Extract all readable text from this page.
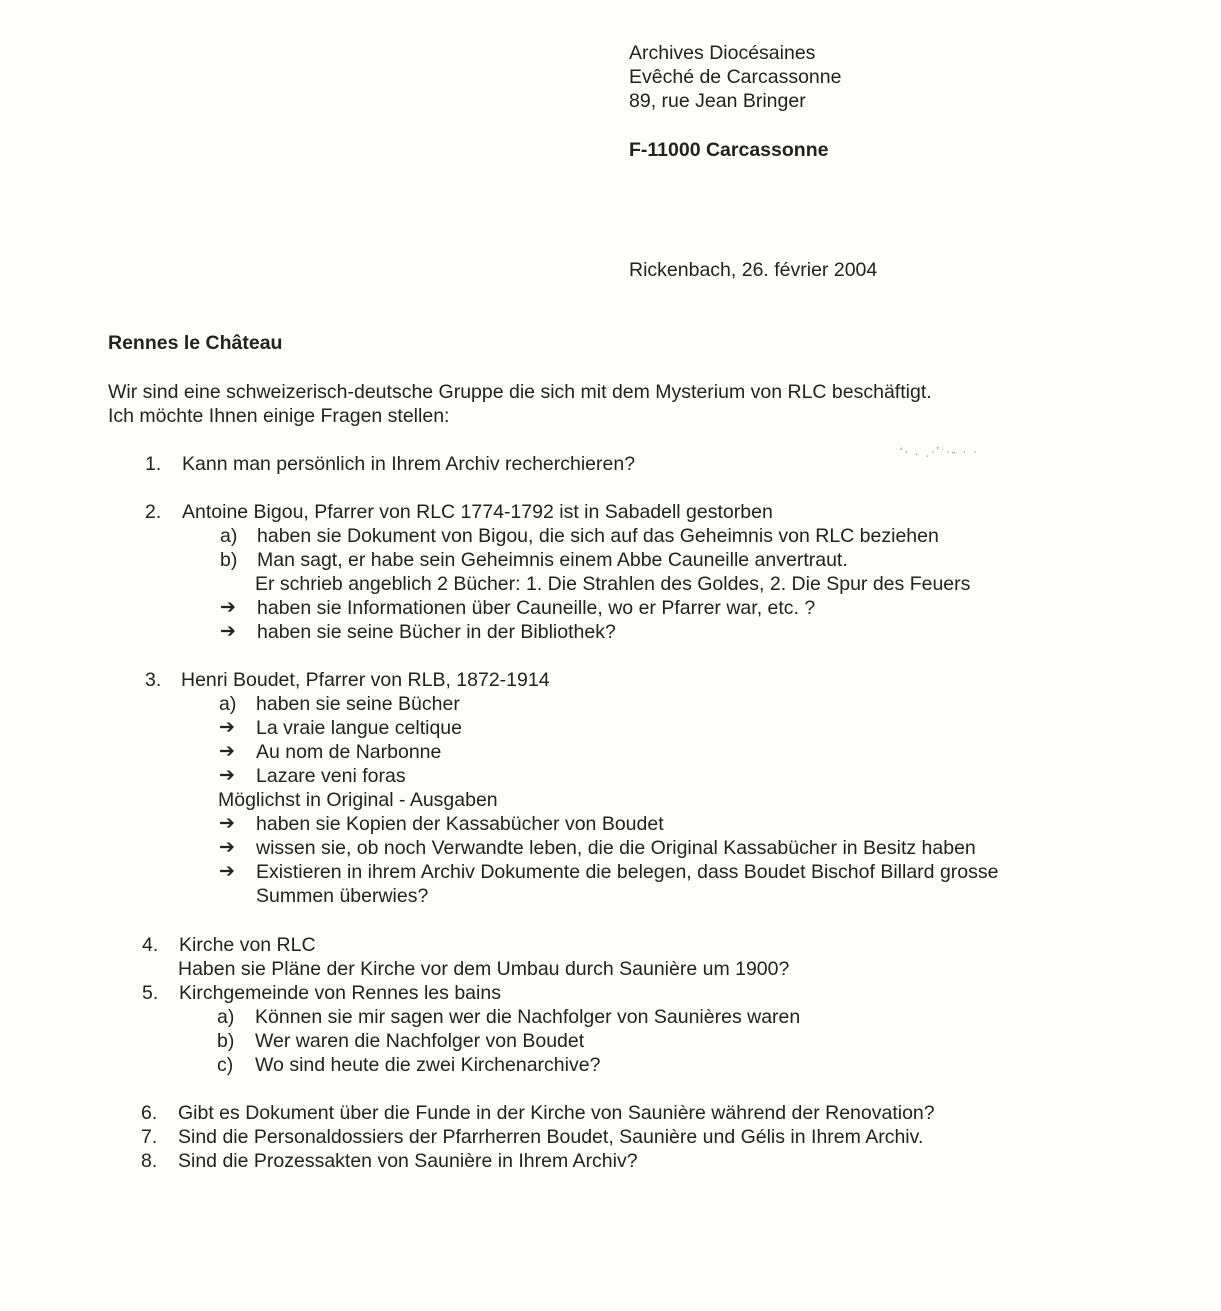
Archives Diocésaines
Evêché de Carcassonne
89, rue Jean Bringer
F-11000 Carcassonne
Rickenbach, 26. février 2004
Rennes le Château
Wir sind eine schweizerisch-deutsche Gruppe die sich mit dem Mysterium von RLC beschäftigt.
Ich möchte Ihnen einige Fragen stellen:
‘· . ˏ·ʼˑ·˵ · ·
1. Kann man persönlich in Ihrem Archiv recherchieren?
2. Antoine Bigou, Pfarrer von RLC 1774-1792 ist in Sabadell gestorben
a) haben sie Dokument von Bigou, die sich auf das Geheimnis von RLC beziehen
b) Man sagt, er habe sein Geheimnis einem Abbe Cauneille anvertraut.
Er schrieb angeblich 2 Bücher: 1. Die Strahlen des Goldes, 2. Die Spur des Feuers
➔ haben sie Informationen über Cauneille, wo er Pfarrer war, etc. ?
➔ haben sie seine Bücher in der Bibliothek?
3. Henri Boudet, Pfarrer von RLB, 1872-1914
a) haben sie seine Bücher
➔ La vraie langue celtique
➔ Au nom de Narbonne
➔ Lazare veni foras
Möglichst in Original - Ausgaben
➔ haben sie Kopien der Kassabücher von Boudet
➔ wissen sie, ob noch Verwandte leben, die die Original Kassabücher in Besitz haben
➔ Existieren in ihrem Archiv Dokumente die belegen, dass Boudet Bischof Billard grosse
Summen überwies?
4. Kirche von RLC
Haben sie Pläne der Kirche vor dem Umbau durch Saunière um 1900?
5. Kirchgemeinde von Rennes les bains
a) Können sie mir sagen wer die Nachfolger von Saunières waren
b) Wer waren die Nachfolger von Boudet
c) Wo sind heute die zwei Kirchenarchive?
6. Gibt es Dokument über die Funde in der Kirche von Saunière während der Renovation?
7. Sind die Personaldossiers der Pfarrherren Boudet, Saunière und Gélis in Ihrem Archiv.
8. Sind die Prozessakten von Saunière in Ihrem Archiv?
